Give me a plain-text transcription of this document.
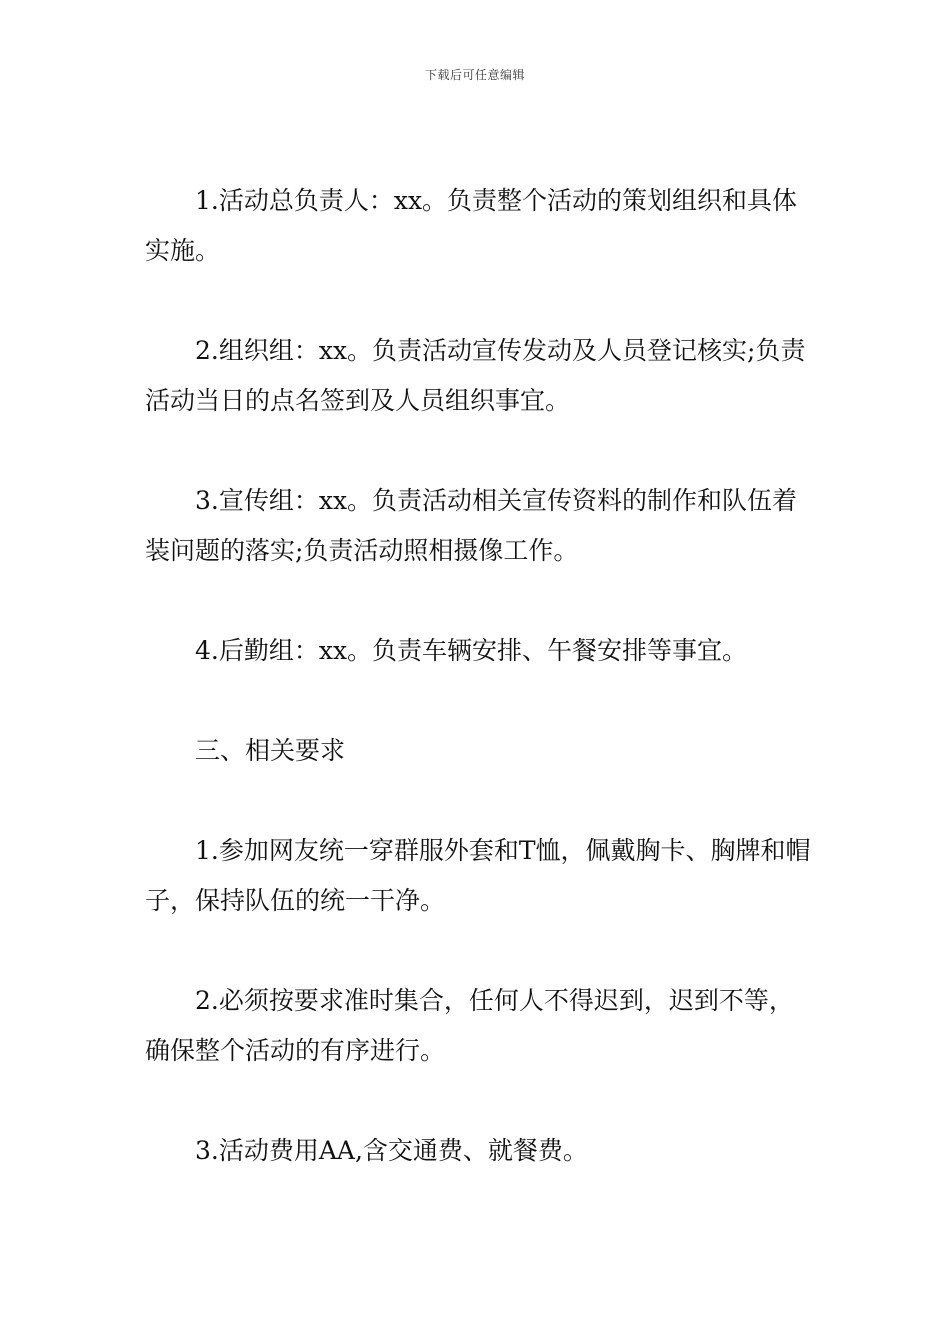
下载后可任意编辑

1.活动总负责人：xx。负责整个活动的策划组织和具体实施。

2.组织组：xx。负责活动宣传发动及人员登记核实;负责活动当日的点名签到及人员组织事宜。

3.宣传组：xx。负责活动相关宣传资料的制作和队伍着装问题的落实;负责活动照相摄像工作。

4.后勤组：xx。负责车辆安排、午餐安排等事宜。

三、相关要求

1.参加网友统一穿群服外套和T恤，佩戴胸卡、胸牌和帽子，保持队伍的统一干净。

2.必须按要求准时集合，任何人不得迟到，迟到不等，确保整个活动的有序进行。

3.活动费用AA,含交通费、就餐费。
